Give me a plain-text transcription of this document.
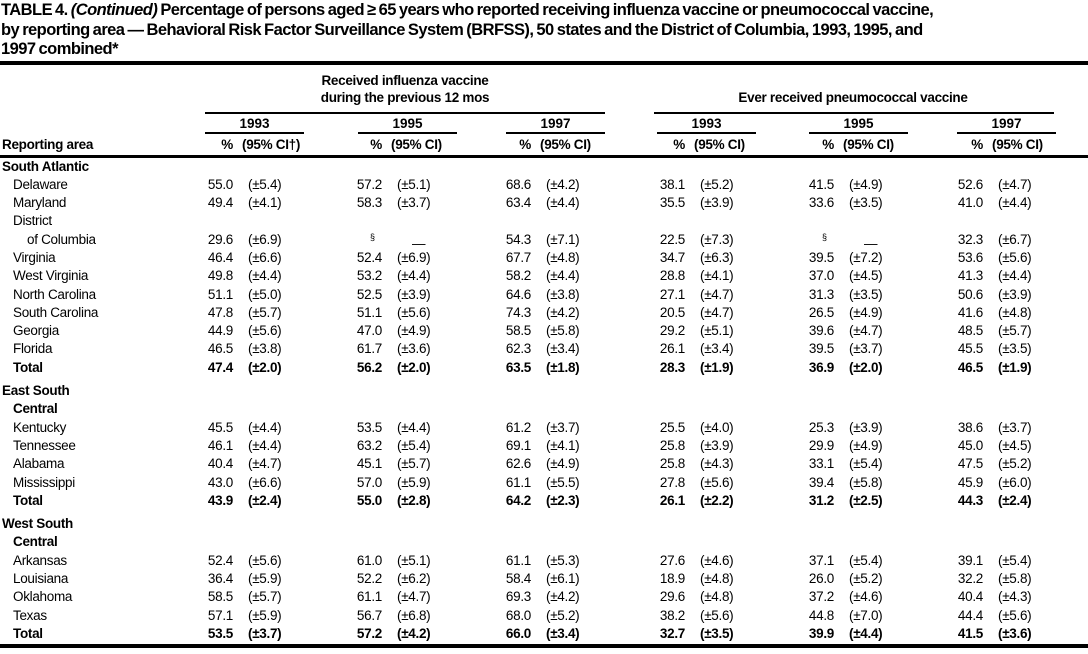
TABLE 4. (Continued) Percentage of persons aged ≥ 65 years who reported receiving influenza vaccine or pneumococcal vaccine,
by reporting area — Behavioral Risk Factor Surveillance System (BRFSS), 50 states and the District of Columbia, 1993, 1995, and
1997 combined*
Received influenza vaccine
during the previous 12 mos	Ever received pneumococcal vaccine
1993	1995	1997	1993	1995	1997
Reporting area	% (95% CI†)	% (95% CI)	% (95% CI)	% (95% CI)	% (95% CI)	% (95% CI)
South Atlantic
Delaware	55.0	(±5.4)	57.2	(±5.1)	68.6	(±4.2)	38.1	(±5.2)	41.5	(±4.9)	52.6	(±4.7)
Maryland	49.4	(±4.1)	58.3	(±3.7)	63.4	(±4.4)	35.5	(±3.9)	33.6	(±3.5)	41.0	(±4.4)
District
of Columbia	29.6	(±6.9)	§	—	54.3	(±7.1)	22.5	(±7.3)	§	—	32.3	(±6.7)
Virginia	46.4	(±6.6)	52.4	(±6.9)	67.7	(±4.8)	34.7	(±6.3)	39.5	(±7.2)	53.6	(±5.6)
West Virginia	49.8	(±4.4)	53.2	(±4.4)	58.2	(±4.4)	28.8	(±4.1)	37.0	(±4.5)	41.3	(±4.4)
North Carolina	51.1	(±5.0)	52.5	(±3.9)	64.6	(±3.8)	27.1	(±4.7)	31.3	(±3.5)	50.6	(±3.9)
South Carolina	47.8	(±5.7)	51.1	(±5.6)	74.3	(±4.2)	20.5	(±4.7)	26.5	(±4.9)	41.6	(±4.8)
Georgia	44.9	(±5.6)	47.0	(±4.9)	58.5	(±5.8)	29.2	(±5.1)	39.6	(±4.7)	48.5	(±5.7)
Florida	46.5	(±3.8)	61.7	(±3.6)	62.3	(±3.4)	26.1	(±3.4)	39.5	(±3.7)	45.5	(±3.5)
Total	47.4	(±2.0)	56.2	(±2.0)	63.5	(±1.8)	28.3	(±1.9)	36.9	(±2.0)	46.5	(±1.9)
East South
Central
Kentucky	45.5	(±4.4)	53.5	(±4.4)	61.2	(±3.7)	25.5	(±4.0)	25.3	(±3.9)	38.6	(±3.7)
Tennessee	46.1	(±4.4)	63.2	(±5.4)	69.1	(±4.1)	25.8	(±3.9)	29.9	(±4.9)	45.0	(±4.5)
Alabama	40.4	(±4.7)	45.1	(±5.7)	62.6	(±4.9)	25.8	(±4.3)	33.1	(±5.4)	47.5	(±5.2)
Mississippi	43.0	(±6.6)	57.0	(±5.9)	61.1	(±5.5)	27.8	(±5.6)	39.4	(±5.8)	45.9	(±6.0)
Total	43.9	(±2.4)	55.0	(±2.8)	64.2	(±2.3)	26.1	(±2.2)	31.2	(±2.5)	44.3	(±2.4)
West South
Central
Arkansas	52.4	(±5.6)	61.0	(±5.1)	61.1	(±5.3)	27.6	(±4.6)	37.1	(±5.4)	39.1	(±5.4)
Louisiana	36.4	(±5.9)	52.2	(±6.2)	58.4	(±6.1)	18.9	(±4.8)	26.0	(±5.2)	32.2	(±5.8)
Oklahoma	58.5	(±5.7)	61.1	(±4.7)	69.3	(±4.2)	29.6	(±4.8)	37.2	(±4.6)	40.4	(±4.3)
Texas	57.1	(±5.9)	56.7	(±6.8)	68.0	(±5.2)	38.2	(±5.6)	44.8	(±7.0)	44.4	(±5.6)
Total	53.5	(±3.7)	57.2	(±4.2)	66.0	(±3.4)	32.7	(±3.5)	39.9	(±4.4)	41.5	(±3.6)
